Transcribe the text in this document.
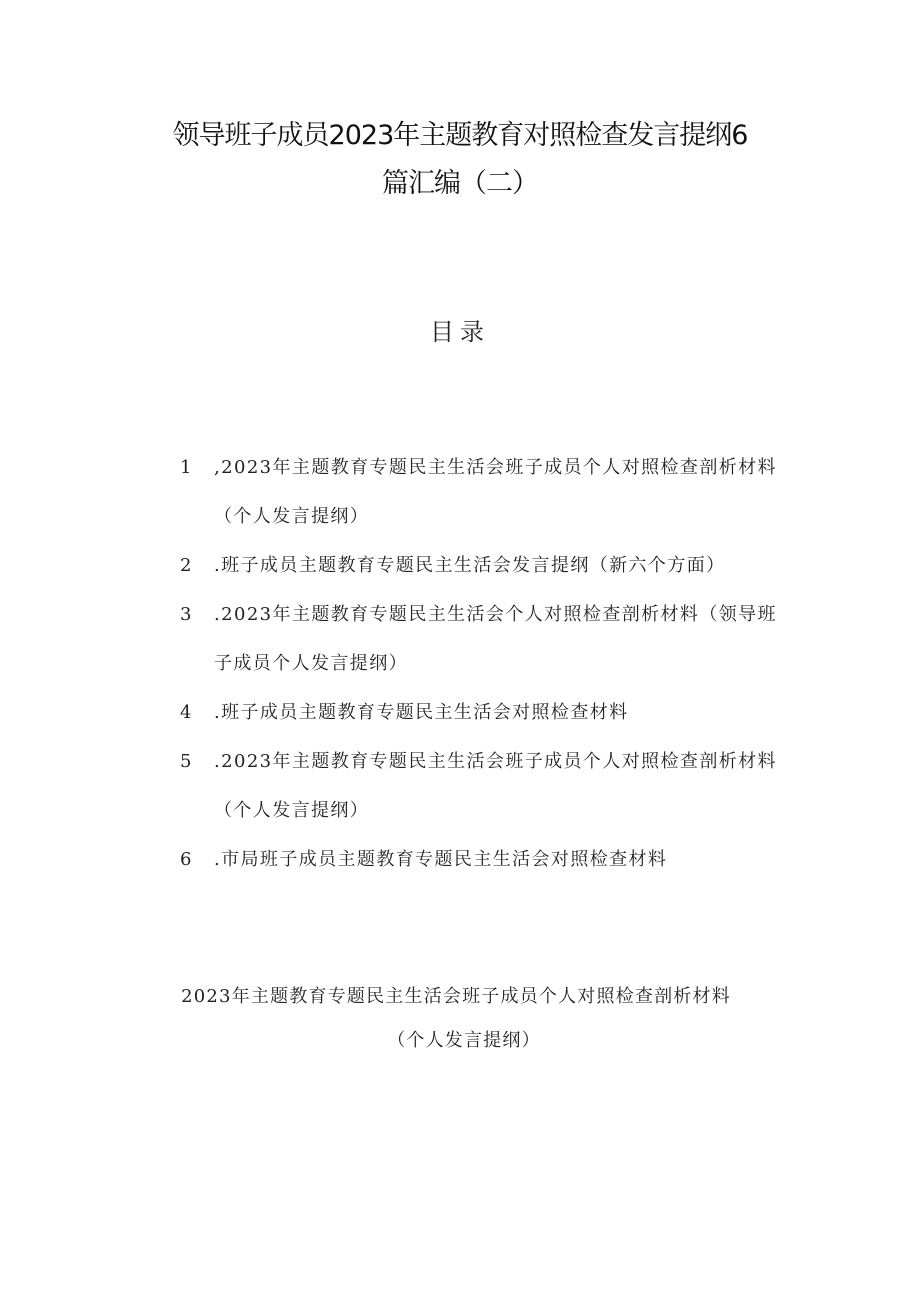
领导班子成员2023年主题教育对照检查发言提纲6
篇汇编（二）
目录
1	,2023年主题教育专题民主生活会班子成员个人对照检查剖析材料（个人发言提纲）
2	.班子成员主题教育专题民主生活会发言提纲（新六个方面）
3	.2023年主题教育专题民主生活会个人对照检查剖析材料（领导班子成员个人发言提纲）
4	.班子成员主题教育专题民主生活会对照检查材料
5	.2023年主题教育专题民主生活会班子成员个人对照检查剖析材料（个人发言提纲）
6	.市局班子成员主题教育专题民主生活会对照检查材料
2023年主题教育专题民主生活会班子成员个人对照检查剖析材料
（个人发言提纲）
